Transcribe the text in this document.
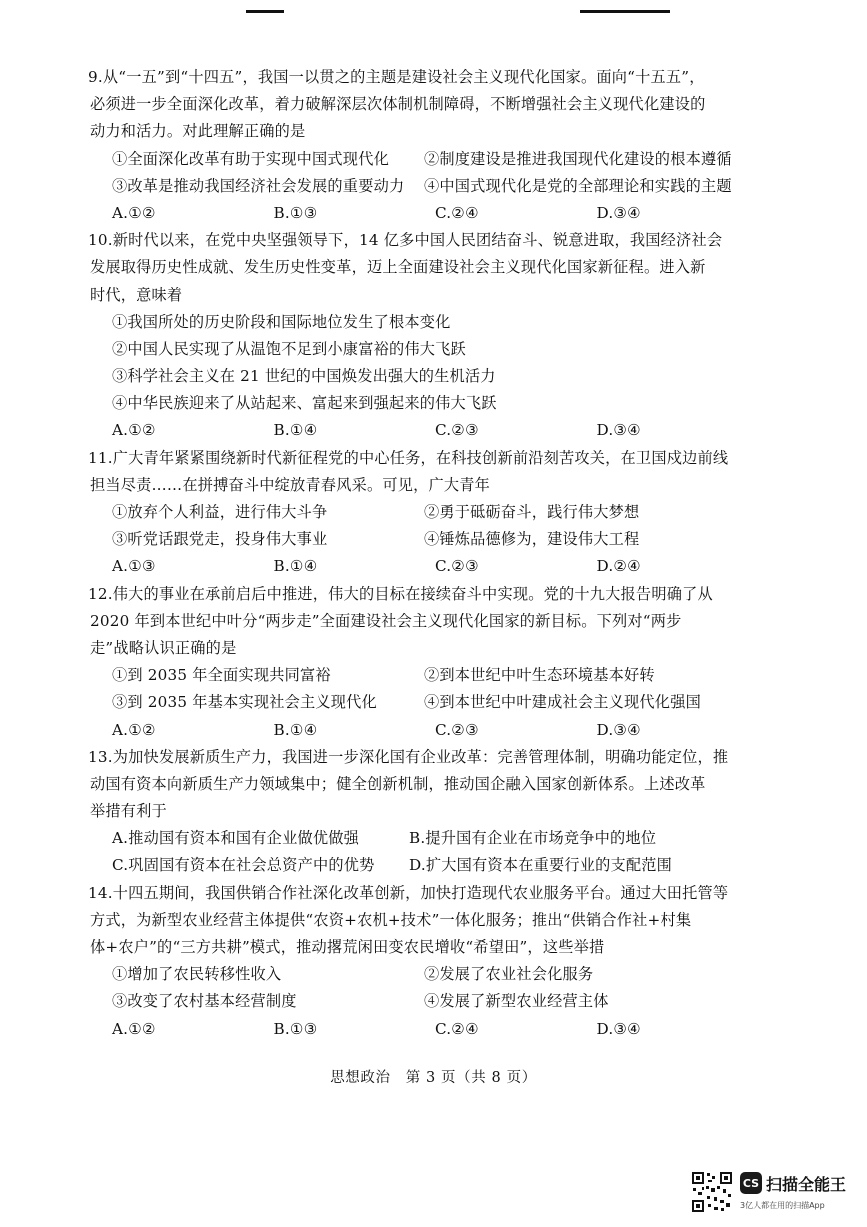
9.从“一五”到“十四五”，我国一以贯之的主题是建设社会主义现代化国家。面向“十五五”，
必须进一步全面深化改革，着力破解深层次体制机制障碍，不断增强社会主义现代化建设的
动力和活力。对此理解正确的是
①全面深化改革有助于实现中国式现代化	②制度建设是推进我国现代化建设的根本遵循
③改革是推动我国经济社会发展的重要动力	④中国式现代化是党的全部理论和实践的主题
A.①②	B.①③	C.②④	D.③④
10.新时代以来，在党中央坚强领导下，14 亿多中国人民团结奋斗、锐意进取，我国经济社会
发展取得历史性成就、发生历史性变革，迈上全面建设社会主义现代化国家新征程。进入新
时代，意味着
①我国所处的历史阶段和国际地位发生了根本变化
②中国人民实现了从温饱不足到小康富裕的伟大飞跃
③科学社会主义在 21 世纪的中国焕发出强大的生机活力
④中华民族迎来了从站起来、富起来到强起来的伟大飞跃
A.①②	B.①④	C.②③	D.③④
11.广大青年紧紧围绕新时代新征程党的中心任务，在科技创新前沿刻苦攻关，在卫国戍边前线
担当尽责……在拼搏奋斗中绽放青春风采。可见，广大青年
①放弃个人利益，进行伟大斗争	②勇于砥砺奋斗，践行伟大梦想
③听党话跟党走，投身伟大事业	④锤炼品德修为，建设伟大工程
A.①③	B.①④	C.②③	D.②④
12.伟大的事业在承前启后中推进，伟大的目标在接续奋斗中实现。党的十九大报告明确了从
2020 年到本世纪中叶分“两步走”全面建设社会主义现代化国家的新目标。下列对“两步
走”战略认识正确的是
①到 2035 年全面实现共同富裕	②到本世纪中叶生态环境基本好转
③到 2035 年基本实现社会主义现代化	④到本世纪中叶建成社会主义现代化强国
A.①②	B.①④	C.②③	D.③④
13.为加快发展新质生产力，我国进一步深化国有企业改革：完善管理体制，明确功能定位，推
动国有资本向新质生产力领域集中；健全创新机制，推动国企融入国家创新体系。上述改革
举措有利于
A.推动国有资本和国有企业做优做强	B.提升国有企业在市场竞争中的地位
C.巩固国有资本在社会总资产中的优势	D.扩大国有资本在重要行业的支配范围
14.十四五期间，我国供销合作社深化改革创新，加快打造现代农业服务平台。通过大田托管等
方式，为新型农业经营主体提供“农资+农机+技术”一体化服务；推出“供销合作社+村集
体+农户”的“三方共耕”模式，推动撂荒闲田变农民增收“希望田”，这些举措
①增加了农民转移性收入	②发展了农业社会化服务
③改变了农村基本经营制度	④发展了新型农业经营主体
A.①②	B.①③	C.②④	D.③④
思想政治　第 3 页（共 8 页）
CS 扫描全能王
3亿人都在用的扫描App
